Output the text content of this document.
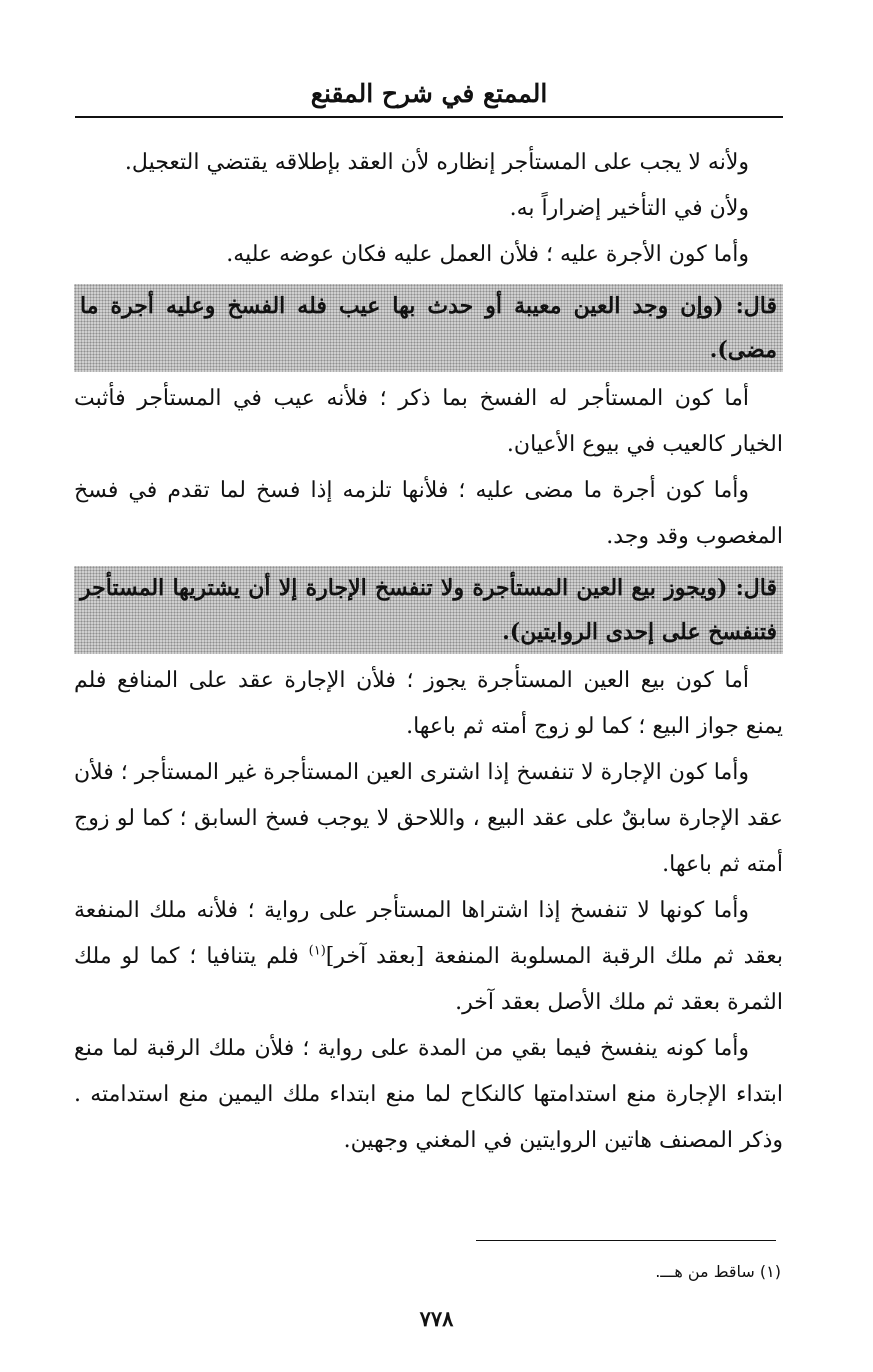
الممتع في شرح المقنع

ولأنه لا يجب على المستأجر إنظاره لأن العقد بإطلاقه يقتضي التعجيل.

ولأن في التأخير إضراراً به.

وأما كون الأجرة عليه ؛ فلأن العمل عليه فكان عوضه عليه.

قال: (وإن وجد العين معيبة أو حدث بها عيب فله الفسخ وعليه أجرة ما مضى).

أما كون المستأجر له الفسخ بما ذكر ؛ فلأنه عيب في المستأجر فأثبت الخيار كالعيب في بيوع الأعيان.

وأما كون أجرة ما مضى عليه ؛ فلأنها تلزمه إذا فسخ لما تقدم في فسخ المغصوب وقد وجد.

قال: (ويجوز بيع العين المستأجرة ولا تنفسخ الإجارة إلا أن يشتريها المستأجر فتنفسخ على إحدى الروايتين).

أما كون بيع العين المستأجرة يجوز ؛ فلأن الإجارة عقد على المنافع فلم يمنع جواز البيع ؛ كما لو زوج أمته ثم باعها.

وأما كون الإجارة لا تنفسخ إذا اشترى العين المستأجرة غير المستأجر ؛ فلأن عقد الإجارة سابقٌ على عقد البيع ، واللاحق لا يوجب فسخ السابق ؛ كما لو زوج أمته ثم باعها.

وأما كونها لا تنفسخ إذا اشتراها المستأجر على رواية ؛ فلأنه ملك المنفعة بعقد ثم ملك الرقبة المسلوبة المنفعة [بعقد آخر]$^{(١)}$ فلم يتنافيا ؛ كما لو ملك الثمرة بعقد ثم ملك الأصل بعقد آخر.

وأما كونه ينفسخ فيما بقي من المدة على رواية ؛ فلأن ملك الرقبة لما منع ابتداء الإجارة منع استدامتها كالنكاح لما منع ابتداء ملك اليمين منع استدامته . وذكر المصنف هاتين الروايتين في المغني وجهين.

(١) ساقط من هـــ.
٧٧٨
